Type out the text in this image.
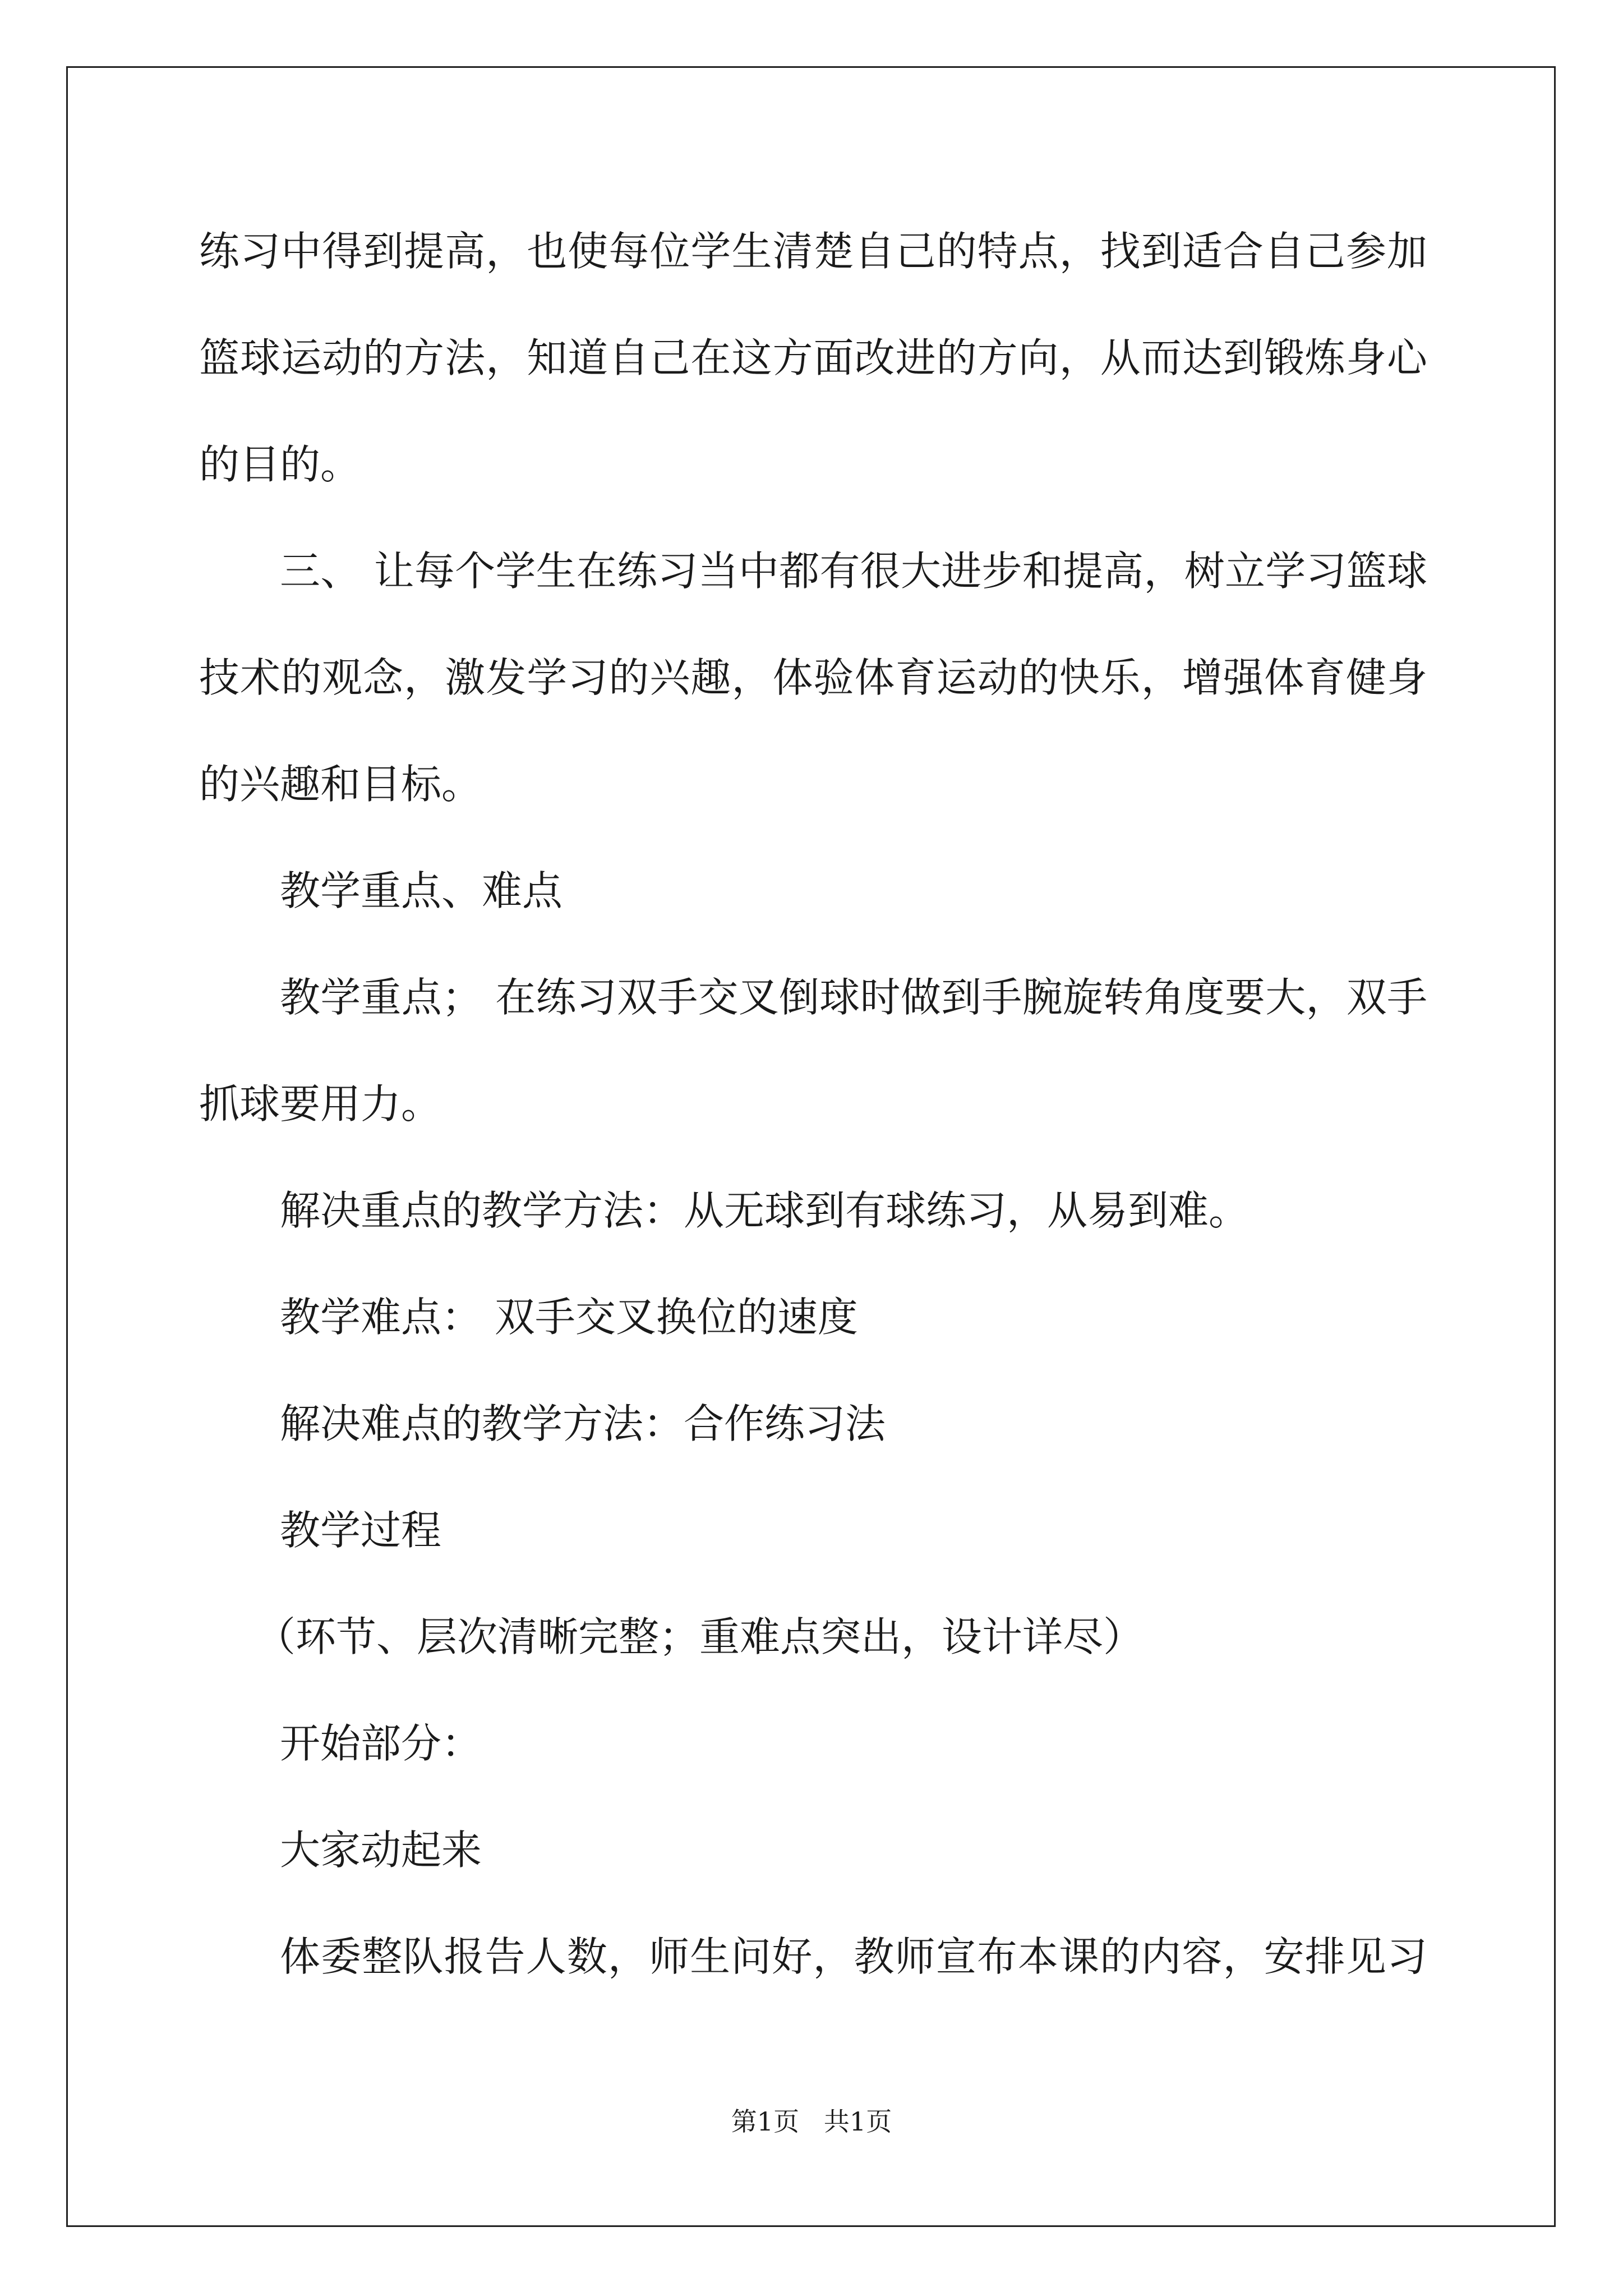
练习中得到提高，也使每位学生清楚自己的特点，找到适合自己参加
篮球运动的方法，知道自己在这方面改进的方向，从而达到锻炼身心
的目的。
三、 让每个学生在练习当中都有很大进步和提高，树立学习篮球
技术的观念，激发学习的兴趣，体验体育运动的快乐，增强体育健身
的兴趣和目标。
教学重点、难点
教学重点； 在练习双手交叉倒球时做到手腕旋转角度要大，双手
抓球要用力。
解决重点的教学方法：从无球到有球练习，从易到难。
教学难点： 双手交叉换位的速度
解决难点的教学方法：合作练习法
教学过程
（环节、层次清晰完整；重难点突出，设计详尽）
开始部分：
大家动起来
体委整队报告人数，师生问好，教师宣布本课的内容，安排见习
第1页   共1页
